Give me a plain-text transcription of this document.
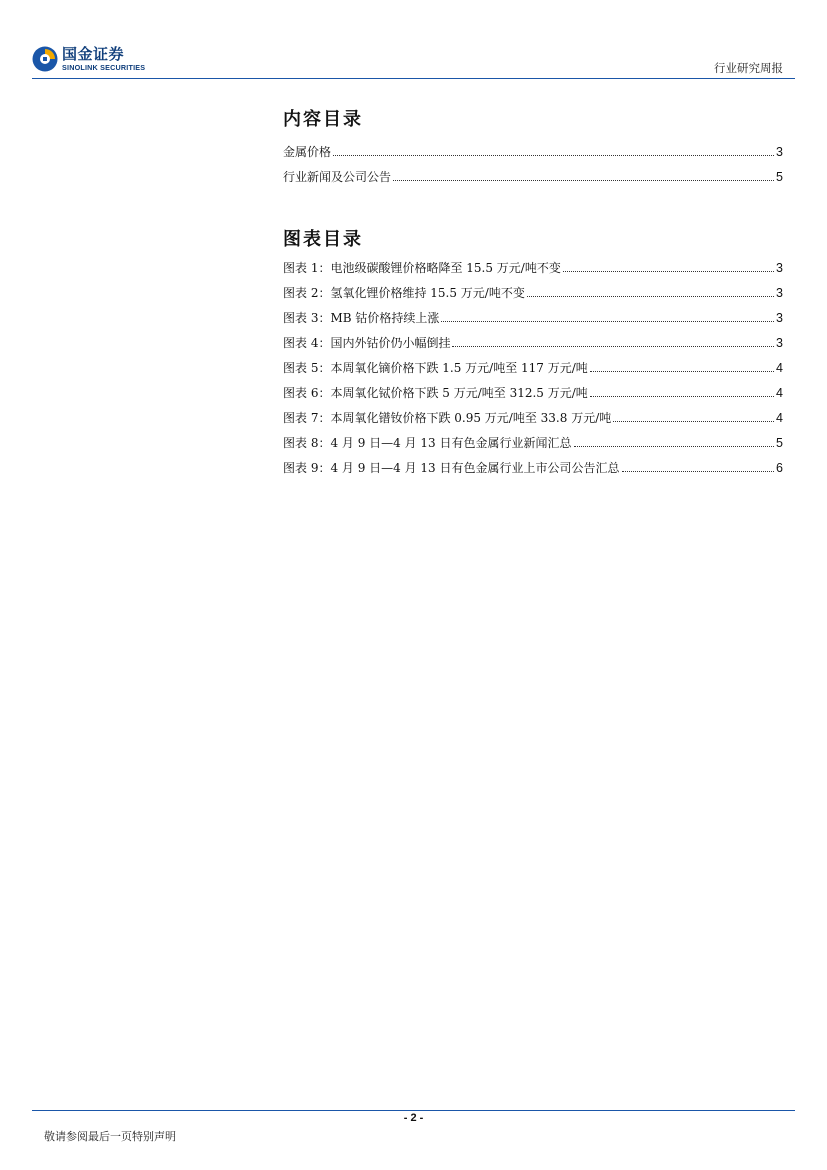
国金证券
SINOLINK SECURITIES	行业研究周报
内容目录
金属价格	3
行业新闻及公司公告	5
图表目录
图表 1：电池级碳酸锂价格略降至 15.5 万元/吨不变	3
图表 2：氢氧化锂价格维持 15.5 万元/吨不变	3
图表 3：MB 钴价格持续上涨	3
图表 4：国内外钴价仍小幅倒挂	3
图表 5：本周氧化镝价格下跌 1.5 万元/吨至 117 万元/吨	4
图表 6：本周氧化铽价格下跌 5 万元/吨至 312.5 万元/吨	4
图表 7：本周氧化镨钕价格下跌 0.95 万元/吨至 33.8 万元/吨	4
图表 8：4 月 9 日—4 月 13 日有色金属行业新闻汇总	5
图表 9：4 月 9 日—4 月 13 日有色金属行业上市公司公告汇总	6
- 2 -
敬请参阅最后一页特别声明
